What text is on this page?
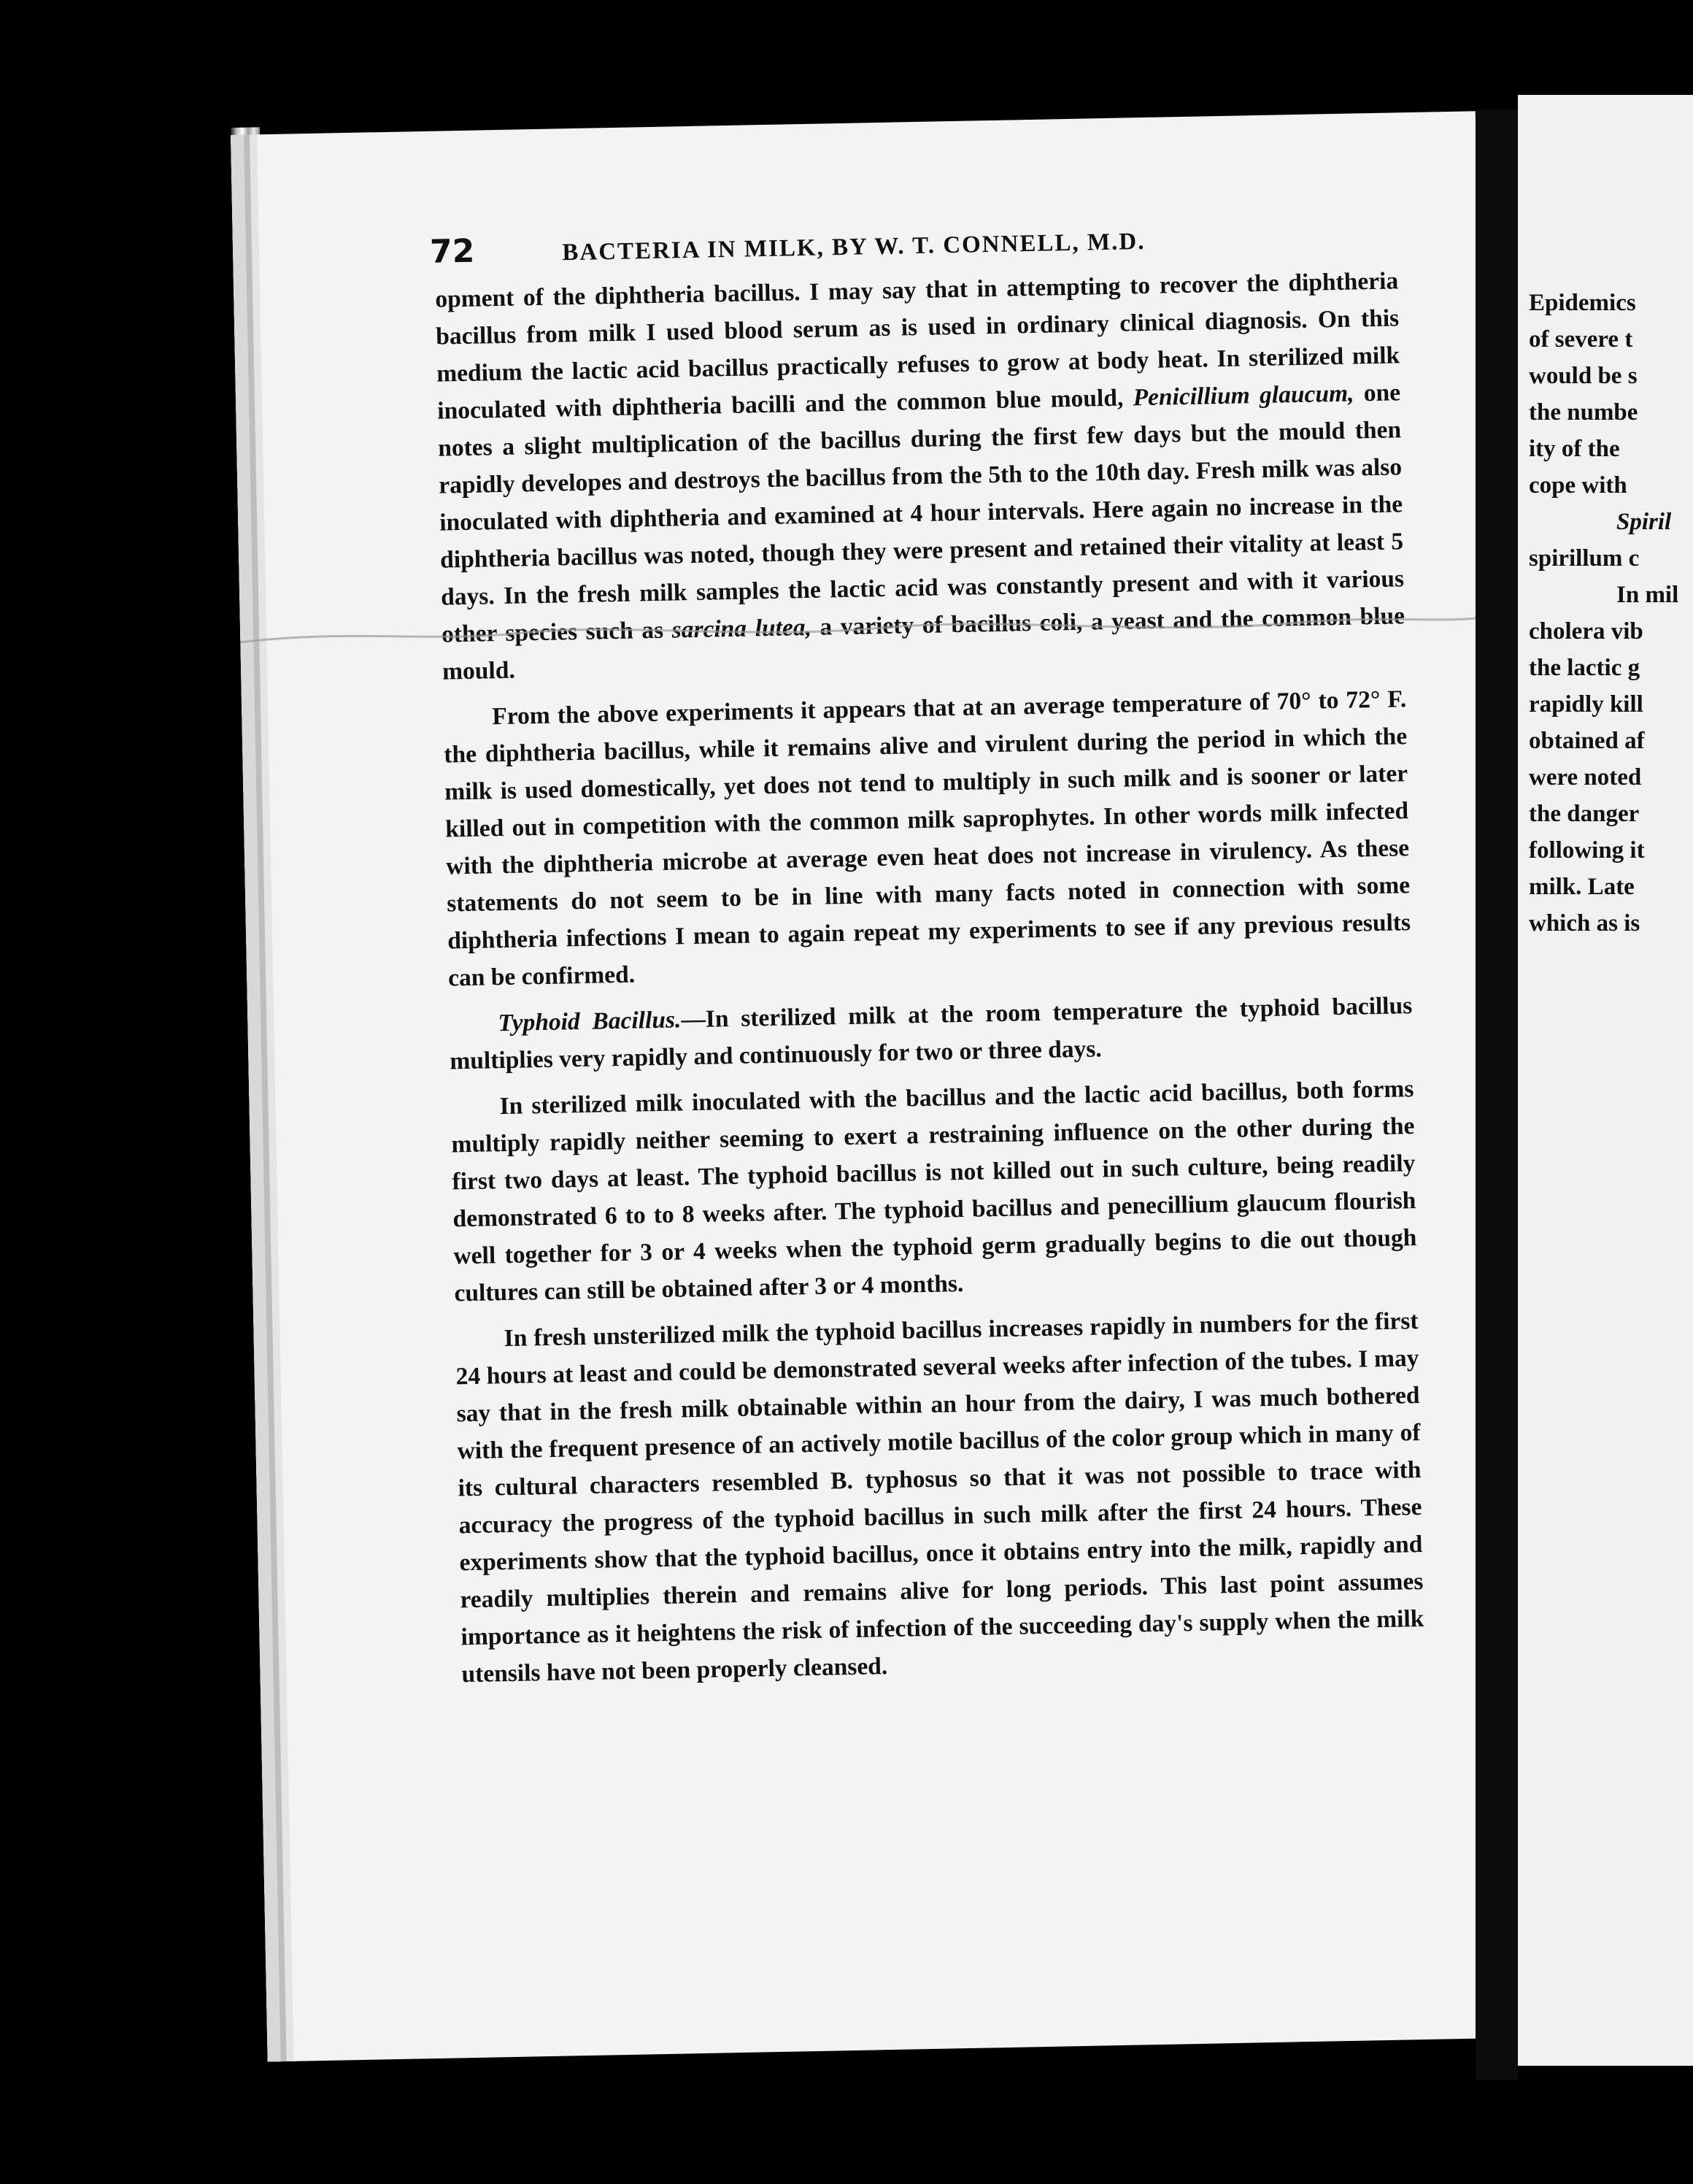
72	BACTERIA IN MILK, BY W. T. CONNELL, M.D.

opment of the diphtheria bacillus. I may say that in attempting to recover the diphtheria bacillus from milk I used blood serum as is used in ordinary clinical diagnosis. On this medium the lactic acid bacillus practically refuses to grow at body heat. In sterilized milk inoculated with diphtheria bacilli and the common blue mould, Penicillium glaucum, one notes a slight multiplication of the bacillus during the first few days but the mould then rapidly developes and destroys the bacillus from the 5th to the 10th day. Fresh milk was also inoculated with diphtheria and examined at 4 hour intervals. Here again no increase in the diphtheria bacillus was noted, though they were present and retained their vitality at least 5 days. In the fresh milk samples the lactic acid was constantly present and with it various other species such as sarcina lutea, a variety of bacillus coli, a yeast and the common blue mould.

From the above experiments it appears that at an average temperature of 70° to 72° F. the diphtheria bacillus, while it remains alive and virulent during the period in which the milk is used domestically, yet does not tend to multiply in such milk and is sooner or later killed out in competition with the common milk saprophytes. In other words milk infected with the diphtheria microbe at average even heat does not increase in virulency. As these statements do not seem to be in line with many facts noted in connection with some diphtheria infections I mean to again repeat my experiments to see if any previous results can be confirmed.

Typhoid Bacillus.—In sterilized milk at the room temperature the typhoid bacillus multiplies very rapidly and continuously for two or three days.

In sterilized milk inoculated with the bacillus and the lactic acid bacillus, both forms multiply rapidly neither seeming to exert a restraining influence on the other during the first two days at least. The typhoid bacillus is not killed out in such culture, being readily demonstrated 6 to to 8 weeks after. The typhoid bacillus and penecillium glaucum flourish well together for 3 or 4 weeks when the typhoid germ gradually begins to die out though cultures can still be obtained after 3 or 4 months.

In fresh unsterilized milk the typhoid bacillus increases rapidly in numbers for the first 24 hours at least and could be demonstrated several weeks after infection of the tubes. I may say that in the fresh milk obtainable within an hour from the dairy, I was much bothered with the frequent presence of an actively motile bacillus of the color group which in many of its cultural characters resembled B. typhosus so that it was not possible to trace with accuracy the progress of the typhoid bacillus in such milk after the first 24 hours. These experiments show that the typhoid bacillus, once it obtains entry into the milk, rapidly and readily multiplies therein and remains alive for long periods. This last point assumes importance as it heightens the risk of infection of the succeeding day's supply when the milk utensils have not been properly cleansed.

Epidemics
of severe t
would be s
the numbe
ity of the
cope with
Spiril
spirillum c
In mil
cholera vib
the lactic g
rapidly kill
obtained af
were noted
the danger
following it
milk. Late
which as is
